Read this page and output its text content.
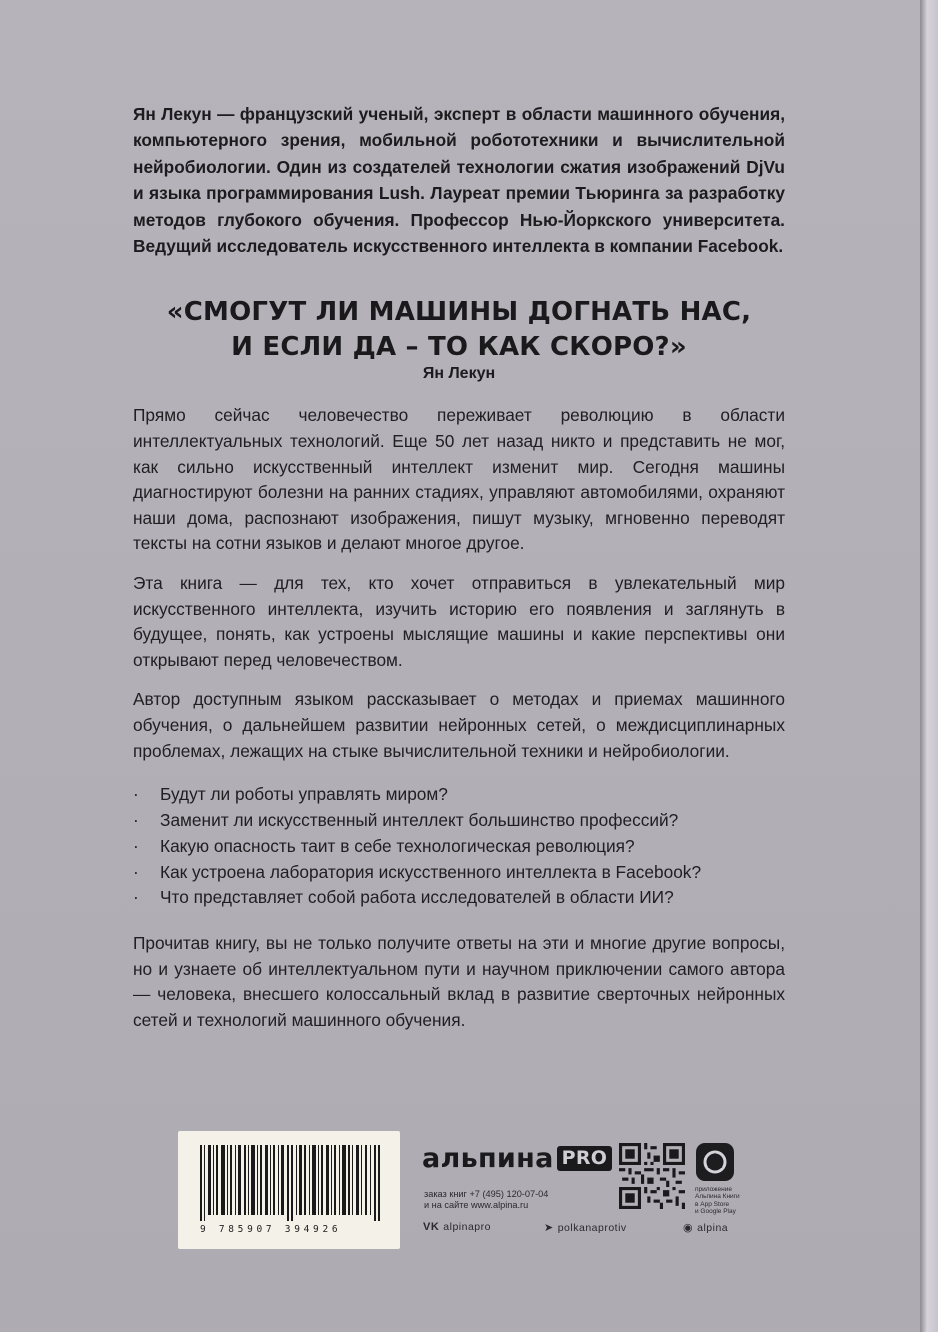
Ян Лекун — французский ученый, эксперт в области машинного обучения, компьютерного зрения, мобильной робототехники и вычислительной нейробиологии. Один из создателей технологии сжатия изображений DjVu и языка программирования Lush. Лауреат премии Тьюринга за разработку методов глубокого обучения. Профессор Нью-Йоркского университета. Ведущий исследователь искусственного интеллекта в компании Facebook.

«СМОГУТ ЛИ МАШИНЫ ДОГНАТЬ НАС,
И ЕСЛИ ДА – ТО КАК СКОРО?»
Ян Лекун

Прямо сейчас человечество переживает революцию в области интеллектуальных технологий. Еще 50 лет назад никто и представить не мог, как сильно искусственный интеллект изменит мир. Сегодня машины диагностируют болезни на ранних стадиях, управляют автомобилями, охраняют наши дома, распознают изображения, пишут музыку, мгновенно переводят тексты на сотни языков и делают многое другое.

Эта книга — для тех, кто хочет отправиться в увлекательный мир искусственного интеллекта, изучить историю его появления и заглянуть в будущее, понять, как устроены мыслящие машины и какие перспективы они открывают перед человечеством.

Автор доступным языком рассказывает о методах и приемах машинного обучения, о дальнейшем развитии нейронных сетей, о междисциплинарных проблемах, лежащих на стыке вычислительной техники и нейробиологии.

· Будут ли роботы управлять миром?
· Заменит ли искусственный интеллект большинство профессий?
· Какую опасность таит в себе технологическая революция?
· Как устроена лаборатория искусственного интеллекта в Facebook?
· Что представляет собой работа исследователей в области ИИ?

Прочитав книгу, вы не только получите ответы на эти и многие другие вопросы, но и узнаете об интеллектуальном пути и научном приключении самого автора — человека, внесшего колоссальный вклад в развитие сверточных нейронных сетей и технологий машинного обучения.

9 785907 394926
альпина PRO
заказ книг +7 (495) 120-07-04
и на сайте www.alpina.ru
приложение
Альпина Книги
в App Store
и Google Play
VK alpinapro	➤ polkanaprotiv	◉ alpina
